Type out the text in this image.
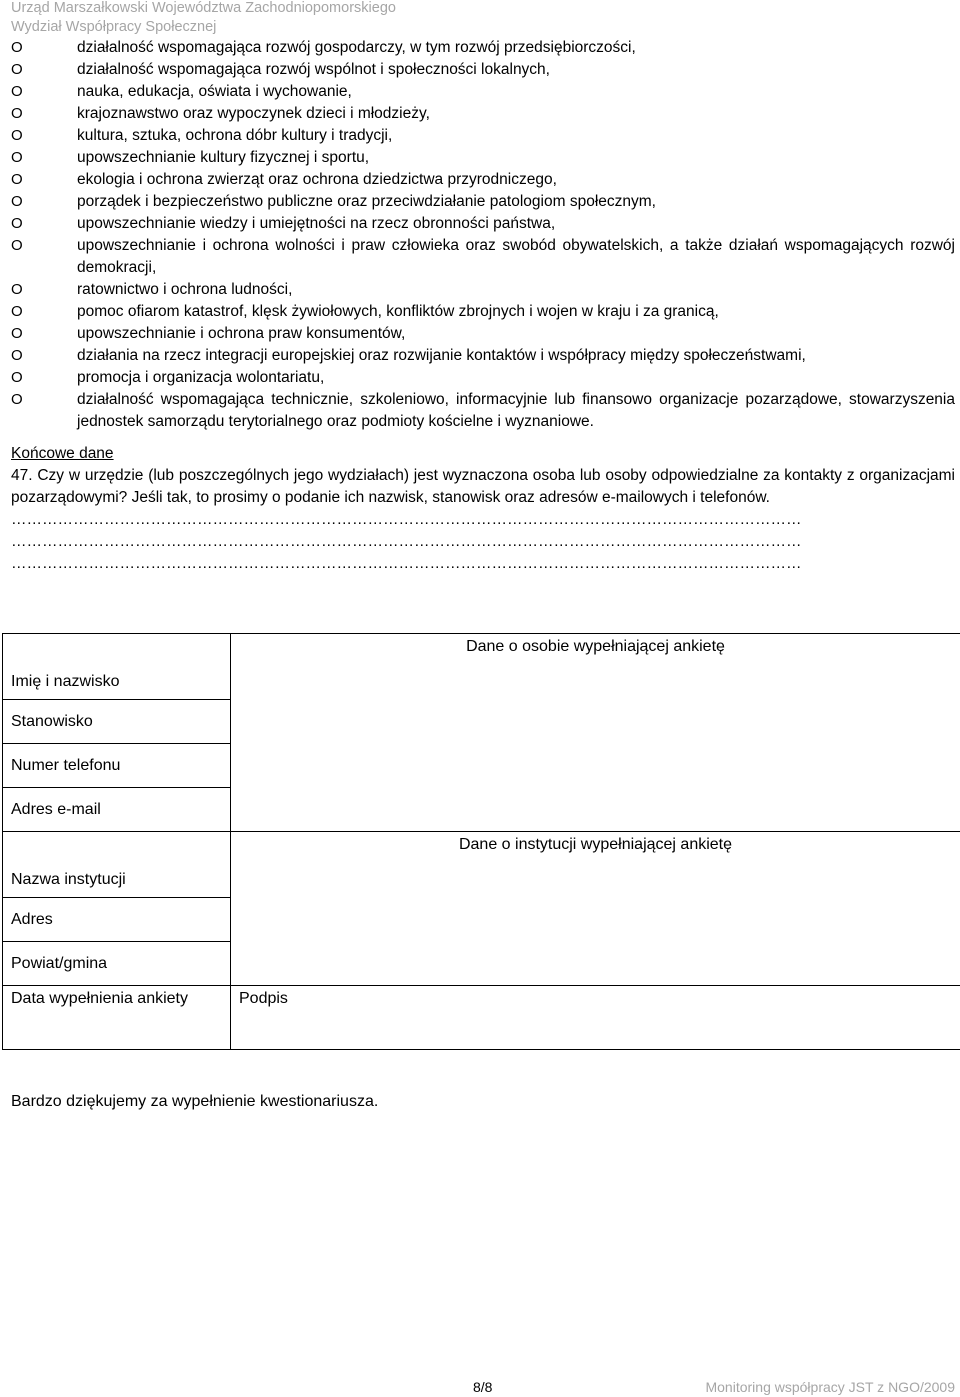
Urząd Marszałkowski Województwa Zachodniopomorskiego
Wydział Współpracy Społecznej
O	działalność wspomagająca rozwój gospodarczy, w tym rozwój przedsiębiorczości,
O	działalność wspomagająca rozwój wspólnot i społeczności lokalnych,
O	nauka, edukacja, oświata i wychowanie,
O	krajoznawstwo oraz wypoczynek dzieci i młodzieży,
O	kultura, sztuka, ochrona dóbr kultury i tradycji,
O	upowszechnianie kultury fizycznej i sportu,
O	ekologia i ochrona zwierząt oraz ochrona dziedzictwa przyrodniczego,
O	porządek i bezpieczeństwo publiczne oraz przeciwdziałanie patologiom społecznym,
O	upowszechnianie wiedzy i umiejętności na rzecz obronności państwa,
O	upowszechnianie i ochrona wolności i praw człowieka oraz swobód obywatelskich, a także działań wspomagających rozwój demokracji,
O	ratownictwo i ochrona ludności,
O	pomoc ofiarom katastrof, klęsk żywiołowych, konfliktów zbrojnych i wojen w kraju i za granicą,
O	upowszechnianie i ochrona praw konsumentów,
O	działania na rzecz integracji europejskiej oraz rozwijanie kontaktów i współpracy między społeczeństwami,
O	promocja i organizacja wolontariatu,
O	działalność wspomagająca technicznie, szkoleniowo, informacyjnie lub finansowo organizacje pozarządowe, stowarzyszenia jednostek samorządu terytorialnego oraz podmioty kościelne i wyznaniowe.
Końcowe dane
47. Czy w urzędzie (lub poszczególnych jego wydziałach) jest wyznaczona osoba lub osoby odpowiedzialne za kontakty z organizacjami pozarządowymi? Jeśli tak, to prosimy o podanie ich nazwisk, stanowisk oraz adresów e-mailowych i telefonów.
………………………………………………………………………………………………………………………………………
………………………………………………………………………………………………………………………………………
………………………………………………………………………………………………………………………………………
Imię i nazwisko	Dane o osobie wypełniającej ankietę
Stanowisko	
Numer telefonu	
Adres e-mail	
Nazwa instytucji	Dane o instytucji wypełniającej ankietę
Adres	
Powiat/gmina	
Data wypełnienia ankiety	Podpis
Bardzo dziękujemy za wypełnienie kwestionariusza.
8/8	Monitoring współpracy JST z NGO/2009
